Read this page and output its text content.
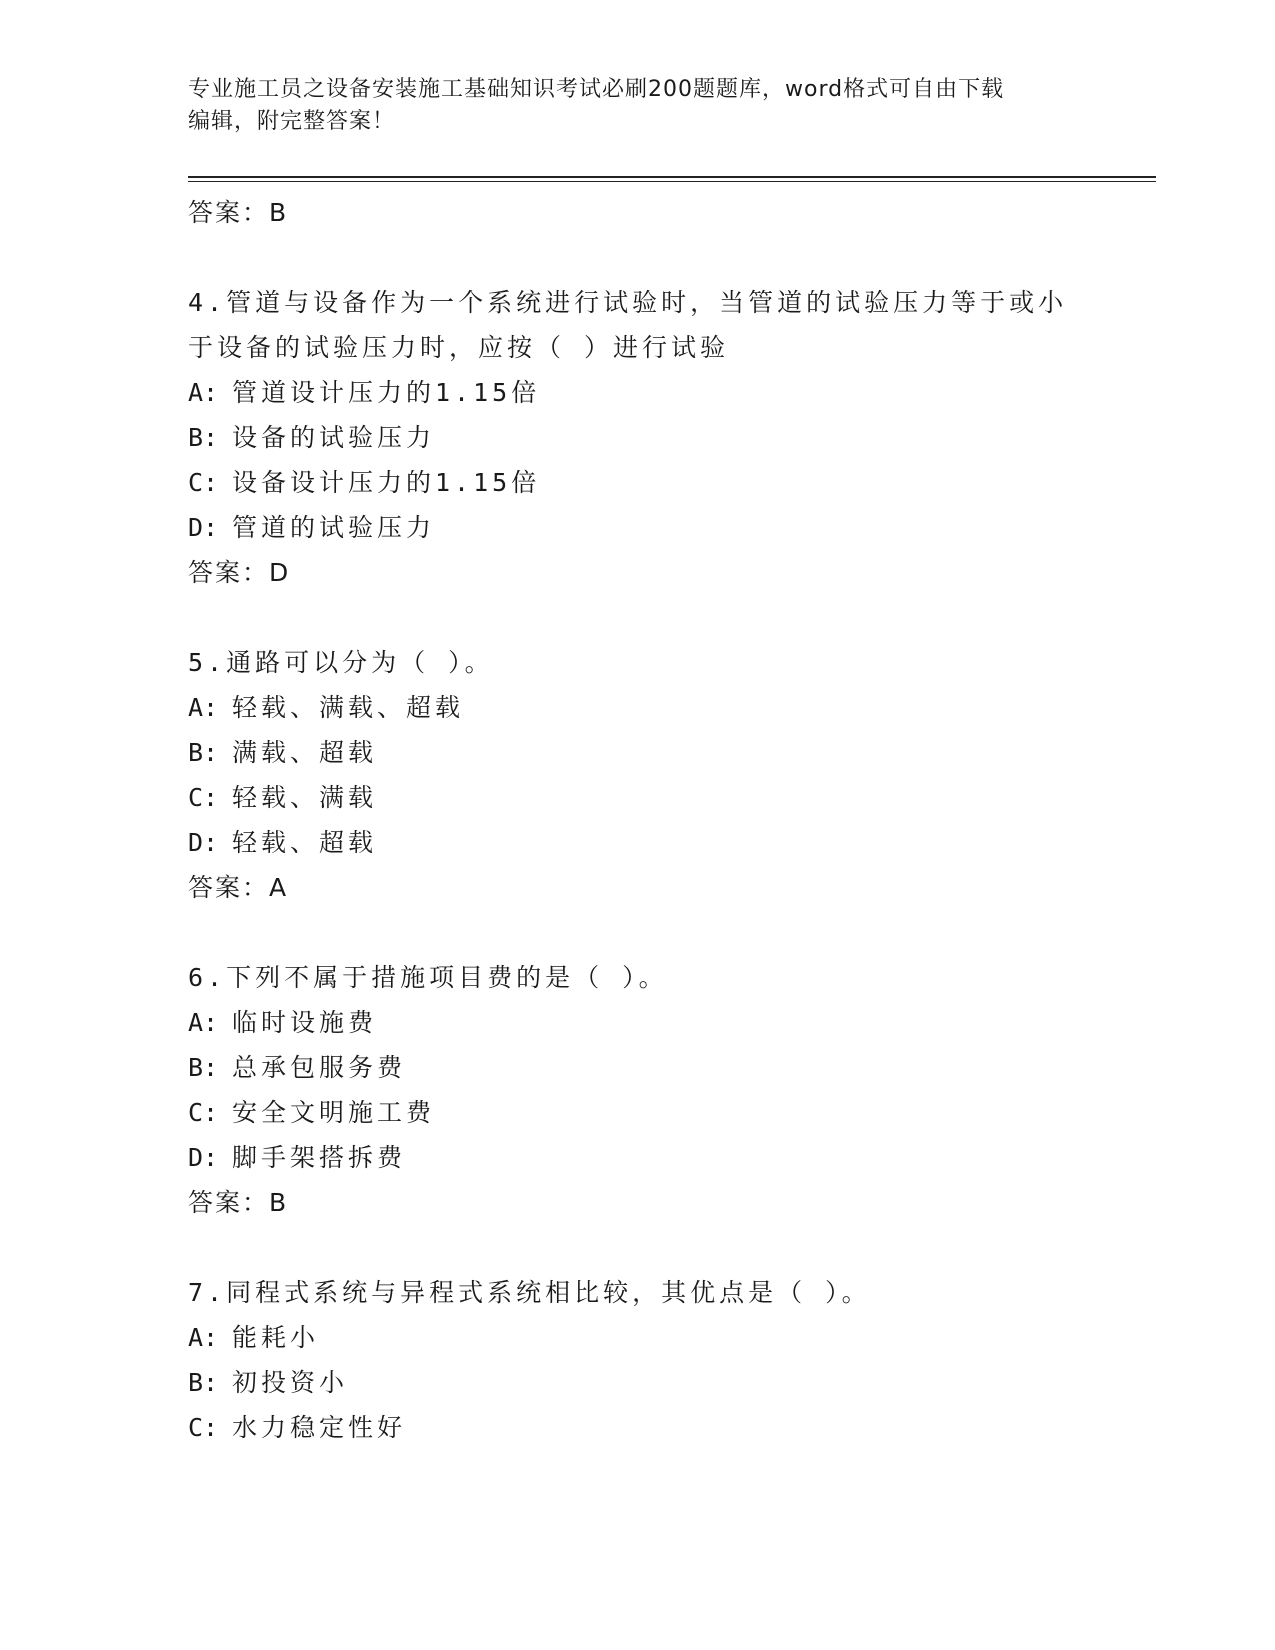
专业施工员之设备安装施工基础知识考试必刷200题题库，word格式可自由下载
编辑，附完整答案！
答案：B

4.管道与设备作为一个系统进行试验时，当管道的试验压力等于或小

于设备的试验压力时，应按（ ）进行试验

A: 管道设计压力的1.15倍
B: 设备的试验压力
C: 设备设计压力的1.15倍
D: 管道的试验压力
答案：D

5.通路可以分为（ ）。

A: 轻载、满载、超载
B: 满载、超载
C: 轻载、满载
D: 轻载、超载
答案：A

6.下列不属于措施项目费的是（ ）。

A: 临时设施费
B: 总承包服务费
C: 安全文明施工费
D: 脚手架搭拆费
答案：B

7.同程式系统与异程式系统相比较，其优点是（ ）。

A: 能耗小
B: 初投资小
C: 水力稳定性好
